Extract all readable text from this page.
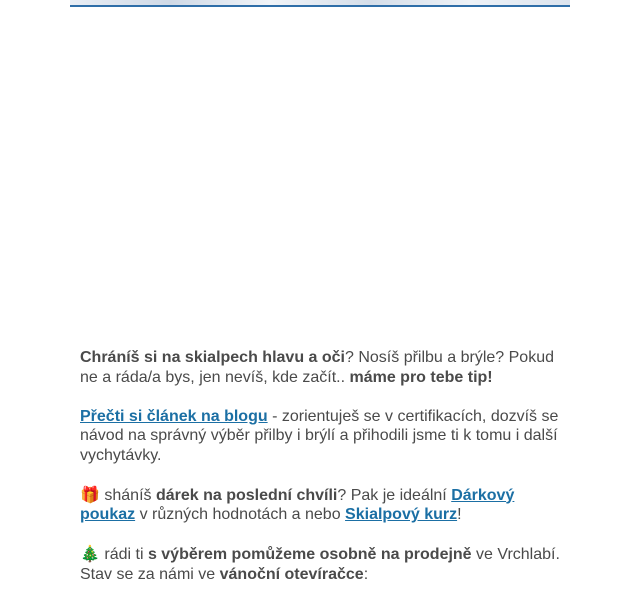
Chráníš si na skialpech hlavu a oči? Nosíš přilbu a brýle? Pokud ne a ráda/a bys, jen nevíš, kde začít.. máme pro tebe tip!

Přečti si článek na blogu - zorientuješ se v certifikacích, dozvíš se návod na správný výběr přilby i brýlí a přihodili jsme ti k tomu i další vychytávky.

🎁 sháníš dárek na poslední chvíli? Pak je ideální Dárkový poukaz v různých hodnotách a nebo Skialpový kurz!

🎄 rádi ti s výběrem pomůžeme osobně na prodejně ve Vrchlabí. Stav se za námi ve vánoční otevíračce:
